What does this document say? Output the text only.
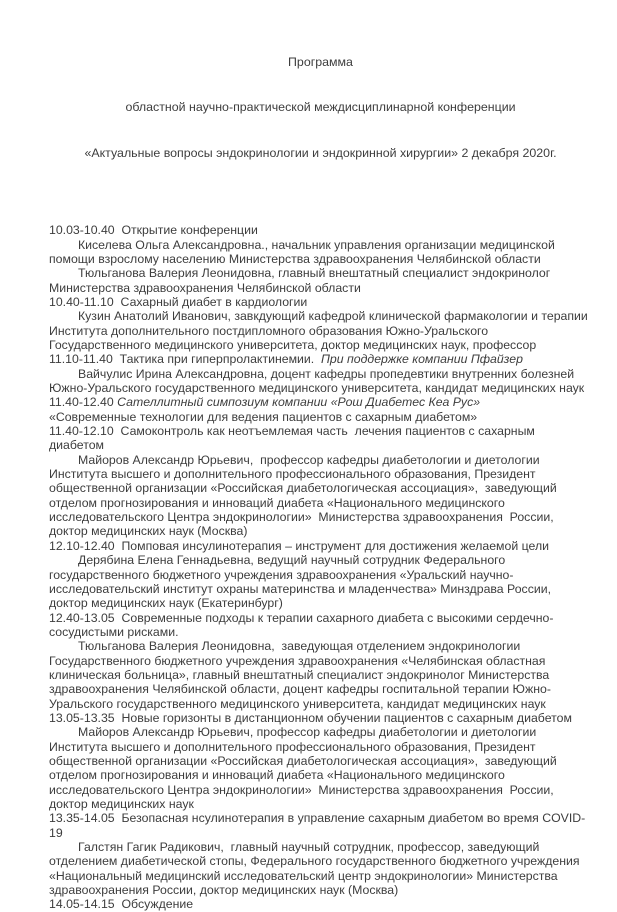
Программа

областной научно-практической междисциплинарной конференции

«Актуальные вопросы эндокринологии и эндокринной хирургии» 2 декабря 2020г.

10.03-10.40  Открытие конференции

Киселева Ольга Александровна., начальник управления организации медицинской помощи взрослому населению Министерства здравоохранения Челябинской области

Тюльганова Валерия Леонидовна, главный внештатный специалист эндокринолог Министерства здравоохранения Челябинской области

10.40-11.10  Сахарный диабет в кардиологии

Кузин Анатолий Иванович, завкдующий кафедрой клинической фармакологии и терапии Института дополнительного постдипломного образования Южно-Уральского Государственного медицинского университета, доктор медицинских наук, профессор

11.10-11.40  Тактика при гиперпролактинемии.  При поддержке компании Пфайзер

Вайчулис Ирина Александровна, доцент кафедры пропедевтики внутренних болезней Южно-Уральского государственного медицинского университета, кандидат медицинских наук

11.40-12.40 Сателлитный симпозиум компании «Рош Диабетес Кеа Рус»

«Современные технологии для ведения пациентов с сахарным диабетом»

11.40-12.10  Самоконтроль как неотъемлемая часть  лечения пациентов с сахарным диабетом

Майоров Александр Юрьевич,  профессор кафедры диабетологии и диетологии Института высшего и дополнительного профессионального образования, Президент общественной организации «Российская диабетологическая ассоциация»,  заведующий отделом прогнозирования и инноваций диабета «Национального медицинского исследовательского Центра эндокринологии»  Министерства здравоохранения  России, доктор медицинских наук (Москва)

12.10-12.40  Помповая инсулинотерапия – инструмент для достижения желаемой цели

Дерябина Елена Геннадьевна, ведущий научный сотрудник Федерального государственного бюджетного учреждения здравоохранения «Уральский научно-исследовательский институт охраны материнства и младенчества» Минздрава России, доктор медицинских наук (Екатеринбург)

12.40-13.05  Современные подходы к терапии сахарного диабета с высокими сердечно-сосудистыми рисками.

Тюльганова Валерия Леонидовна,  заведующая отделением эндокринологии Государственного бюджетного учреждения здравоохранения «Челябинская областная клиническая больница», главный внештатный специалист эндокринолог Министерства здравоохранения Челябинской области, доцент кафедры госпитальной терапии Южно-Уральского государственного медицинского университета, кандидат медицинских наук

13.05-13.35  Новые горизонты в дистанционном обучении пациентов с сахарным диабетом

Майоров Александр Юрьевич, профессор кафедры диабетологии и диетологии Института высшего и дополнительного профессионального образования, Президент общественной организации «Российская диабетологическая ассоциация»,  заведующий отделом прогнозирования и инноваций диабета «Национального медицинского исследовательского Центра эндокринологии»  Министерства здравоохранения  России, доктор медицинских наук

13.35-14.05  Безопасная нсулинотерапия в управление сахарным диабетом во время COVID-19

Галстян Гагик Радикович,  главный научный сотрудник, профессор, заведующий отделением диабетической стопы, Федерального государственного бюджетного учреждения «Национальный медицинский исследовательский центр эндокринологии» Министерства здравоохранения России, доктор медицинских наук (Москва)

14.05-14.15  Обсуждение
